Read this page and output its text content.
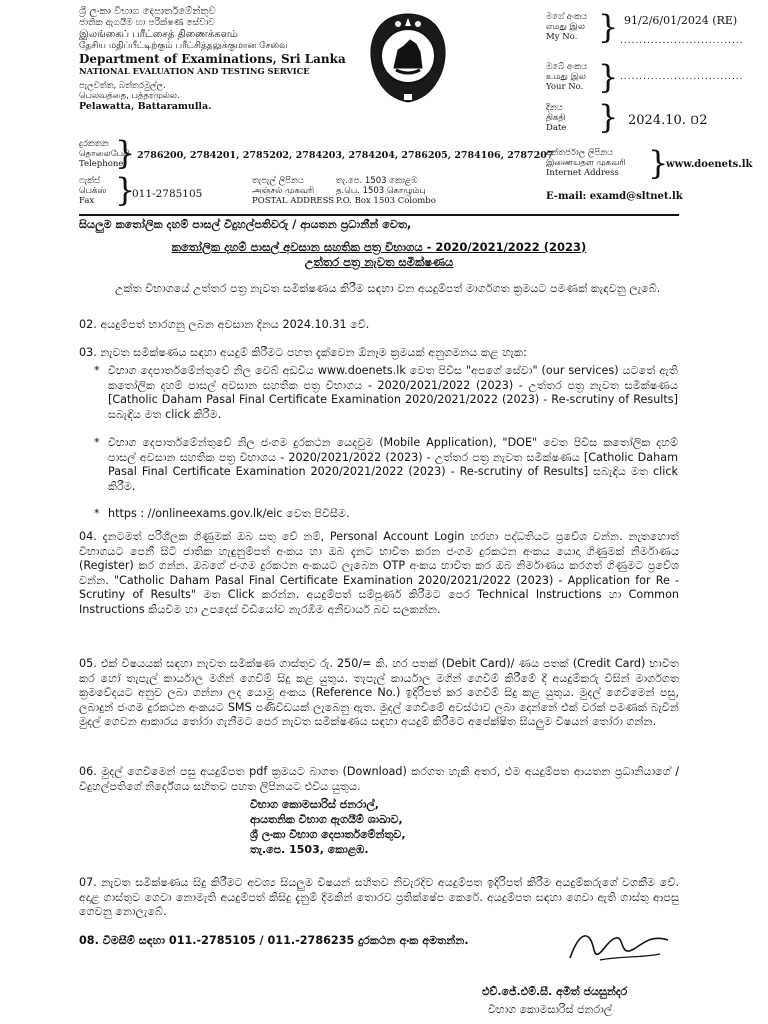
ශ්‍රී ලංකා විභාග දෙපාර්තමේන්තුව
ජාතික ඇගයීම හා පරීක්ෂණ සේවාව
இலங்கைப் பரீட்சைத் திணைக்களம்
தேசிய மதிப்பீட்டிற்கும் பரீட்சித்தலுக்குமான சேவை
Department of Examinations, Sri Lanka
NATIONAL EVALUATION AND TESTING SERVICE
පැලවත්ත, බත්තරමුල්ල.
பெலவத்தை, பத்தரமுல்ல.
Pelawatta, Battaramulla.
මගේ අංකය
எமது இல
My No. } 91/2/6/01/2024 (RE)
................................
ඔබේ අංකය
உமது இல
Your No. } ................................
දිනය
திகதி
Date } 2024.10. ០2
දුරකතන
தொலைபேசி
Telephone
} 2786200, 2784201, 2785202, 2784203, 2784204, 2786205, 2784106, 2787207
ෆැක්ස්
பெக்ஸ்
Fax }
011-2785105
තැපැල් ලිපිනය
அஞ்சல் முகவரி
POSTAL ADDRESS
තැ.පෙ. 1503 කොළඹ
த.பெ. 1503 கொழும்பு
P.O. Box 1503 Colombo
අන්තර්ජාල ලිපිනය
இணையதள முகவரி
Internet Address }
www.doenets.lk
E-mail: examd@sltnet.lk
සියලුම කතෝලික දහම් පාසල් විදුහල්පතිවරු / ආයතන ප්‍රධානීන් වෙත,
කතෝලික දහම් පාසල් අවසාන සහතික පත්‍ර විභාගය - 2020/2021/2022 (2023)
උත්තර පත්‍ර නැවත සමීක්ෂණය

උක්ත විභාගයේ උත්තර පත්‍ර නැවත සමීක්ෂණය කිරීම සඳහා වන අයදුම්පත් මාර්ගගත ක්‍රමයට පමණක් කැඳවනු ලැබේ.

02. අයදුම්පත් භාරගනු ලබන අවසාන දිනය 2024.10.31 වේ.
03. නැවත සමීක්ෂණය සඳහා අයදුම් කිරීමට පහත දැක්වෙන ඕනෑම ක්‍රමයක් අනුගමනය කළ හැක:
* විභාග දෙපාර්තමේන්තුවේ නිල වෙබ් අඩවිය www.doenets.lk වෙත පිවිස "අපගේ සේවා" (our services) යටතේ ඇති කතෝලික දහම් පාසල් අවසාන සහතික පත්‍ර විභාගය - 2020/2021/2022 (2023) - උත්තර පත්‍ර නැවත සමීක්ෂණය [Catholic Daham Pasal Final Certificate Examination 2020/2021/2022 (2023) - Re-scrutiny of Results] සබැඳිය මත click කිරීම.
* විභාග දෙපාර්තමේන්තුවේ නිල ජංගම දුරකථන යෙදවුම (Mobile Application), "DOE" වෙත පිවිස කතෝලික දහම් පාසල් අවසාන සහතික පත්‍ර විභාගය - 2020/2021/2022 (2023) - උත්තර පත්‍ර නැවත සමීක්ෂණය [Catholic Daham Pasal Final Certificate Examination 2020/2021/2022 (2023) - Re-scrutiny of Results] සබැඳිය මත click කිරීම.
* https : //onlineexams.gov.lk/eic වෙත පිවිසීම.
04. දැනටමත් පරිශීලක ගිණුමක් ඔබ සතු වේ නම්, Personal Account Login හරහා පද්ධතියට ප්‍රවේශ වන්න. නැතහොත් විභාගයට පෙනී සිටි ජාතික හැඳුනුම්පත් අංකය හා ඔබ දැනට භාවිත කරන ජංගම දුරකථන අංකය යොදා ගිණුමක් නිර්මාණය (Register) කර ගන්න. ඔබගේ ජංගම දුරකථන අංකයට ලැබෙන OTP අංකය භාවිත කර ඔබ නිර්මාණය කරගත් ගිණුමට ප්‍රවේශ වන්න. "Catholic Daham Pasal Final Certificate Examination 2020/2021/2022 (2023) - Application for Re - Scrutiny of Results" මත Click කරන්න. අයදුම්පත් සම්පූර්ණ කිරීමට පෙර Technical Instructions හා Common Instructions කියවීම හා උපදෙස් වීඩියෝව නැරඹීම අනිවාර්ය බව සලකන්න.
05. එක් විෂයයක් සඳහා නැවත සමීක්ෂණ ගාස්තුව රු. 250/= කි. හර පතක් (Debit Card)/ ණය පතක් (Credit Card) භාවිත කර හෝ තැපැල් කාර්යාල මගින් ගෙවීම් සිදු කළ යුතුය. තැපැල් කාර්යාල මගින් ගෙවීම් කිරීමේ දී අයදුම්කරු විසින් මාර්ගගත ක්‍රමවේදයට අනුව ලබා ගන්නා ලද යොමු අංකය (Reference No.) ඉදිරිපත් කර ගෙවීම් සිදු කළ යුතුය. මුදල් ගෙවීමෙන් පසු, ලබාදුන් ජංගම දුරකථන අංකයට SMS පණිවිඩයක් ලැබෙනු ඇත. මුදල් ගෙවීමේ අවස්ථාව ලබා දෙන්නේ එක් වරක් පමණක් බැවින් මුදල් ගෙවන ආකාරය තෝරා ගැනීමට පෙර නැවත සමීක්ෂණය සඳහා අයදුම් කිරීමට අපේක්ෂිත සියලුම විෂයන් තෝරා ගන්න.
06. මුදල් ගෙවීමෙන් පසු අයදුම්පත pdf ක්‍රමයට බාගත (Download) කරගත හැකි අතර, එම අයදුම්පත ආයතන ප්‍රධානියාගේ / විදුහල්පතිගේ නිර්දේශය සහිතව පහත ලිපිනයට එවිය යුතුය.
විභාග කොමසාරිස් ජනරාල්,
ආයතනික විභාග ඇගයීම් ශාඛාව,
ශ්‍රී ලංකා විභාග දෙපාර්තමේන්තුව,
තැ.පෙ. 1503, කොළඹ.
07. නැවත සමීක්ෂණය සිදු කිරීමට අවශ්‍ය සියලුම විෂයන් සහිතව නිවැරදිව අයදුම්පත ඉදිරිපත් කිරීම අයදුම්කරුගේ වගකීම වේ. අදාළ ගාස්තුව ගෙවා නොමැති අයදුම්පත් කිසිදු දැනුම් දීමකින් තොරව ප්‍රතික්ෂේප කෙරේ. අයදුම්පත සඳහා ගෙවා ඇති ගාස්තු ආපසු ගෙවනු නොලැබේ.
08. විමසීම් සඳහා 011.-2785105 / 011.-2786235 දුරකථන අංක අමතන්න.
එච්.ජේ.එම්.සී. අමිත් ජයසුන්දර
විභාග කොමසාරිස් ජනරාල්
